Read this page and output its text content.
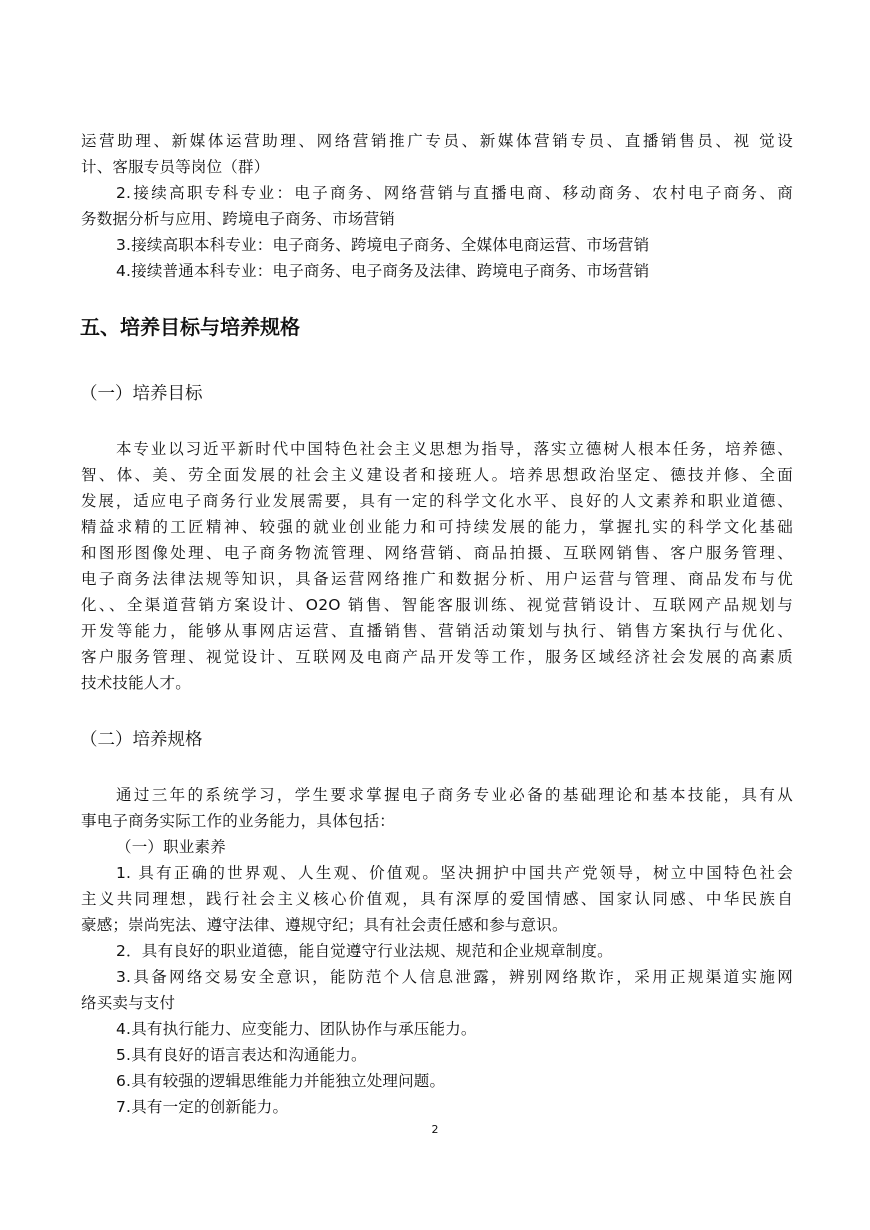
运营助理、新媒体运营助理、网络营销推广专员、新媒体营销专员、直播销售员、视 觉设
计、客服专员等岗位（群）
2.接续高职专科专业：电子商务、网络营销与直播电商、移动商务、农村电子商务、商
务数据分析与应用、跨境电子商务、市场营销
3.接续高职本科专业：电子商务、跨境电子商务、全媒体电商运营、市场营销
4.接续普通本科专业：电子商务、电子商务及法律、跨境电子商务、市场营销
五、培养目标与培养规格
（一）培养目标
本专业以习近平新时代中国特色社会主义思想为指导，落实立德树人根本任务，培养德、
智、体、美、劳全面发展的社会主义建设者和接班人。培养思想政治坚定、德技并修、全面
发展，适应电子商务行业发展需要，具有一定的科学文化水平、良好的人文素养和职业道德、
精益求精的工匠精神、较强的就业创业能力和可持续发展的能力，掌握扎实的科学文化基础
和图形图像处理、电子商务物流管理、网络营销、商品拍摄、互联网销售、客户服务管理、
电子商务法律法规等知识，具备运营网络推广和数据分析、用户运营与管理、商品发布与优
化、、全渠道营销方案设计、O2O 销售、智能客服训练、视觉营销设计、互联网产品规划与
开发等能力，能够从事网店运营、直播销售、营销活动策划与执行、销售方案执行与优化、
客户服务管理、视觉设计、互联网及电商产品开发等工作，服务区域经济社会发展的高素质
技术技能人才。
（二）培养规格
通过三年的系统学习，学生要求掌握电子商务专业必备的基础理论和基本技能，具有从
事电子商务实际工作的业务能力，具体包括：
（一）职业素养
1. 具有正确的世界观、人生观、价值观。坚决拥护中国共产党领导，树立中国特色社会
主义共同理想，践行社会主义核心价值观，具有深厚的爱国情感、国家认同感、中华民族自
豪感；崇尚宪法、遵守法律、遵规守纪；具有社会责任感和参与意识。
2．具有良好的职业道德，能自觉遵守行业法规、规范和企业规章制度。
3.具备网络交易安全意识，能防范个人信息泄露，辨别网络欺诈，采用正规渠道实施网
络买卖与支付
4.具有执行能力、应变能力、团队协作与承压能力。
5.具有良好的语言表达和沟通能力。
6.具有较强的逻辑思维能力并能独立处理问题。
7.具有一定的创新能力。
2
